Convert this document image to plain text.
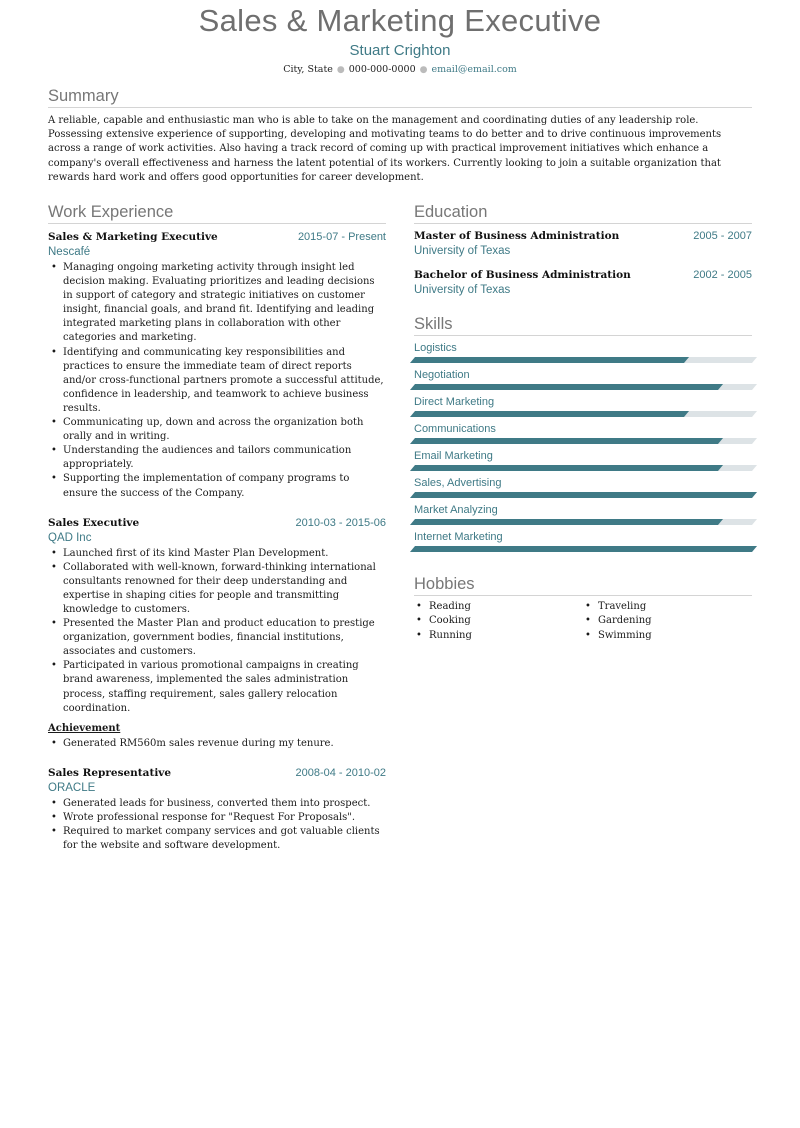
Sales & Marketing Executive
Stuart Crighton
City, State ● 000-000-0000 ● email@email.com
Summary

A reliable, capable and enthusiastic man who is able to take on the management and coordinating duties of any leadership role. Possessing extensive experience of supporting, developing and motivating teams to do better and to drive continuous improvements across a range of work activities. Also having a track record of coming up with practical improvement initiatives which enhance a company's overall effectiveness and harness the latent potential of its workers. Currently looking to join a suitable organization that rewards hard work and offers good opportunities for career development.

Work Experience
Sales & Marketing Executive	2015-07 - Present
Nescafé
• Managing ongoing marketing activity through insight led decision making. Evaluating prioritizes and leading decisions in support of category and strategic initiatives on customer insight, financial goals, and brand fit. Identifying and leading integrated marketing plans in collaboration with other categories and marketing.
• Identifying and communicating key responsibilities and practices to ensure the immediate team of direct reports and/or cross-functional partners promote a successful attitude, confidence in leadership, and teamwork to achieve business results.
• Communicating up, down and across the organization both orally and in writing.
• Understanding the audiences and tailors communication appropriately.
• Supporting the implementation of company programs to ensure the success of the Company.
Sales Executive	2010-03 - 2015-06
QAD Inc
• Launched first of its kind Master Plan Development.
• Collaborated with well-known, forward-thinking international consultants renowned for their deep understanding and expertise in shaping cities for people and transmitting knowledge to customers.
• Presented the Master Plan and product education to prestige organization, government bodies, financial institutions, associates and customers.
• Participated in various promotional campaigns in creating brand awareness, implemented the sales administration process, staffing requirement, sales gallery relocation coordination.
Achievement
• Generated RM560m sales revenue during my tenure.
Sales Representative	2008-04 - 2010-02
ORACLE
• Generated leads for business, converted them into prospect.
• Wrote professional response for "Request For Proposals".
• Required to market company services and got valuable clients for the website and software development.
Education
Master of Business Administration	2005 - 2007
University of Texas
Bachelor of Business Administration	2002 - 2005
University of Texas
Skills
Logistics
Negotiation
Direct Marketing
Communications
Email Marketing
Sales, Advertising
Market Analyzing
Internet Marketing
Hobbies
• Reading
• Cooking
• Running
• Traveling
• Gardening
• Swimming
